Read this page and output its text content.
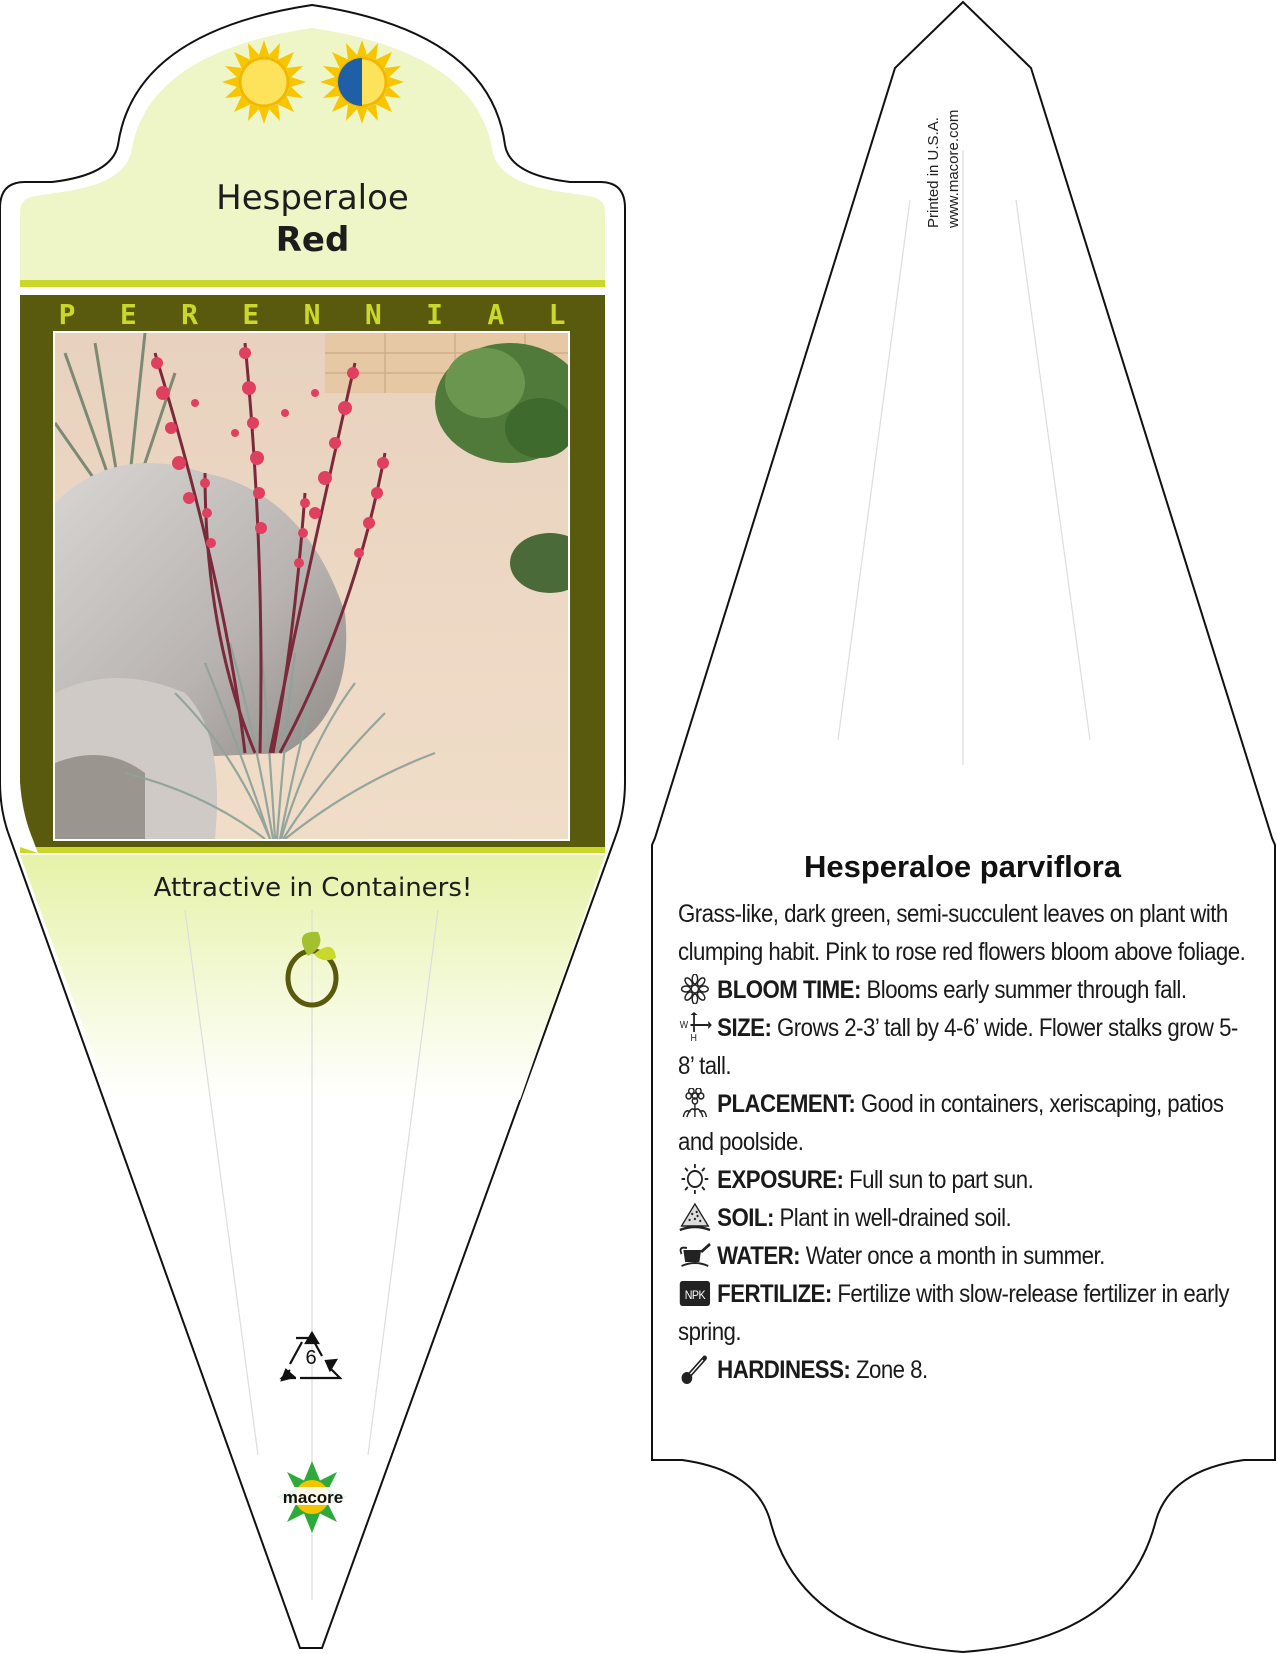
Hesperaloe
Red
P E R E N N I A L
Attractive in Containers!
6
macore
Printed in U.S.A. www.macore.com
Hesperaloe parviflora

Grass-like, dark green, semi-succulent leaves on plant with clumping habit. Pink to rose red flowers bloom above foliage.

BLOOM TIME: Blooms early summer through fall.

W
H SIZE: Grows 2-3’ tall by 4-6’ wide. Flower stalks grow 5-8’ tall.

PLACEMENT: Good in containers, xeriscaping, patios and poolside.

EXPOSURE: Full sun to part sun.

SOIL: Plant in well-drained soil.

WATER: Water once a month in summer.

NPK FERTILIZE: Fertilize with slow-release fertilizer in early spring.

HARDINESS: Zone 8.
